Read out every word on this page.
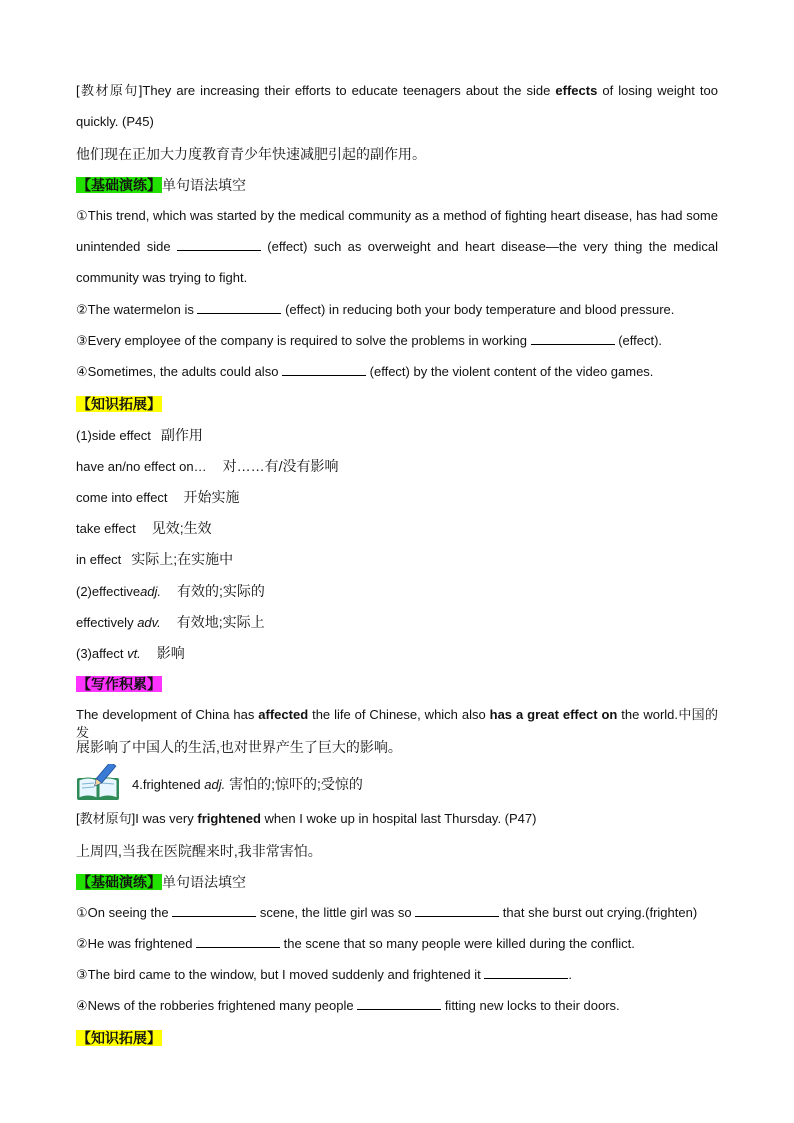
[教材原句]They are increasing their efforts to educate teenagers about the side effects of losing weight too
quickly. (P45)
他们现在正加大力度教育青少年快速减肥引起的副作用。
【基础演练】单句语法填空
①This trend, which was started by the medical community as a method of fighting heart disease, has had some
unintended side	(effect) such as overweight and heart disease—the very thing the medical
community was trying to fight.
②The watermelon is	(effect) in reducing both your body temperature and blood pressure.
③Every employee of the company is required to solve the problems in working	(effect).
④Sometimes, the adults could also	(effect) by the violent content of the video games.
【知识拓展】
(1)side effect 副作用
have an/no effect on… 对……有/没有影响
come into effect 开始实施
take effect 见效;生效
in effect 实际上;在实施中
(2)effectiveadj. 有效的;实际的
effectively adv. 有效地;实际上
(3)affect vt. 影响
【写作积累】
The development of China has affected the life of Chinese, which also has a great effect on the world.中国的发
展影响了中国人的生活,也对世界产生了巨大的影响。
4.frightened adj. 害怕的;惊吓的;受惊的
[教材原句]I was very frightened when I woke up in hospital last Thursday. (P47)
上周四,当我在医院醒来时,我非常害怕。
【基础演练】单句语法填空
①On seeing the	scene, the little girl was so	that she burst out crying.(frighten)
②He was frightened	the scene that so many people were killed during the conflict.
③The bird came to the window, but I moved suddenly and frightened it	.
④News of the robberies frightened many people	fitting new locks to their doors.
【知识拓展】
